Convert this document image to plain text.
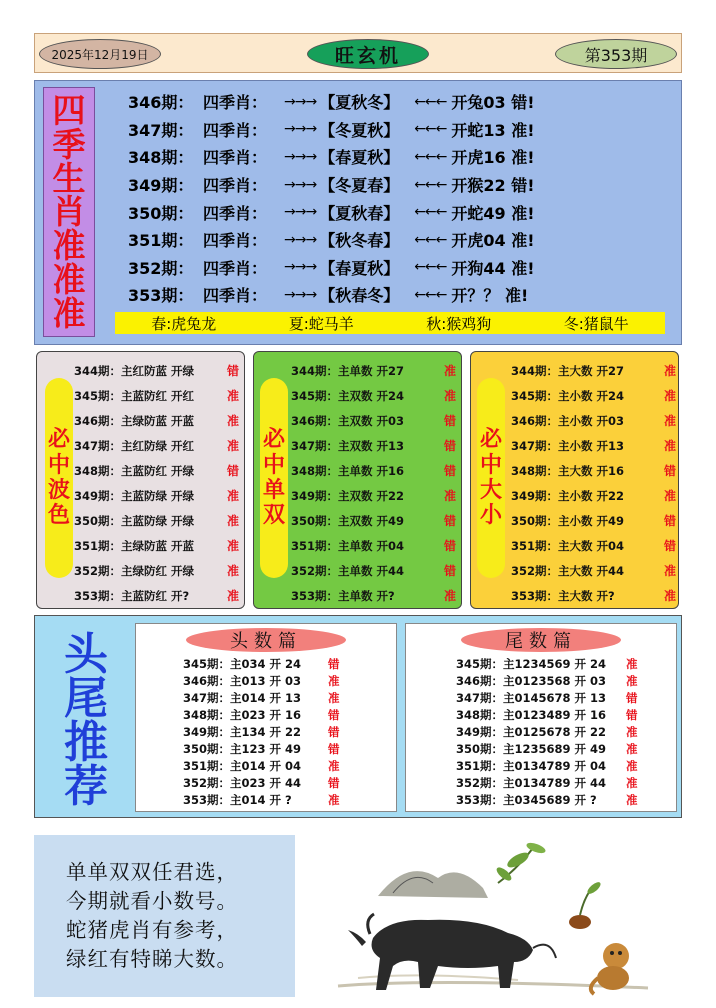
2025年12月19日	旺玄机	第353期
四
季
生
肖
准
准
准
346期： 四季肖：	→→→ 【夏秋冬】	←←← 开兔03 错!
347期： 四季肖：	→→→ 【冬夏秋】	←←← 开蛇13 准!
348期： 四季肖：	→→→ 【春夏秋】	←←← 开虎16 准!
349期： 四季肖：	→→→ 【冬夏春】	←←← 开猴22 错!
350期： 四季肖：	→→→ 【夏秋春】	←←← 开蛇49 准!
351期： 四季肖：	→→→ 【秋冬春】	←←← 开虎04 准!
352期： 四季肖：	→→→ 【春夏秋】	←←← 开狗44 准!
353期： 四季肖：	→→→ 【秋春冬】	←←← 开？？ 准!
春:虎兔龙	夏:蛇马羊	秋:猴鸡狗	冬:猪鼠牛
必
中
波
色
344期：主红防蓝 开绿	错
345期：主蓝防红 开红	准
346期：主绿防蓝 开蓝	准
347期：主红防绿 开红	准
348期：主蓝防红 开绿	错
349期：主蓝防绿 开绿	准
350期：主蓝防绿 开绿	准
351期：主绿防蓝 开蓝	准
352期：主绿防红 开绿	准
353期：主蓝防红 开?	准
必
中
单
双
344期：主单数 开27	准
345期：主双数 开24	准
346期：主双数 开03	错
347期：主双数 开13	错
348期：主单数 开16	错
349期：主双数 开22	准
350期：主双数 开49	错
351期：主单数 开04	错
352期：主单数 开44	错
353期：主单数 开?	准
必
中
大
小
344期：主大数 开27	准
345期：主小数 开24	准
346期：主小数 开03	准
347期：主小数 开13	准
348期：主大数 开16	错
349期：主小数 开22	准
350期：主小数 开49	错
351期：主大数 开04	错
352期：主大数 开44	准
353期：主大数 开?	准
头
尾
推
荐
头数篇
345期：主034 开 24 错
346期：主013 开 03 准
347期：主014 开 13 准
348期：主023 开 16 错
349期：主134 开 22 错
350期：主123 开 49 错
351期：主014 开 04 准
352期：主023 开 44 错
353期：主014 开 ?	准
尾数篇
345期：主1234569 开 24 准
346期：主0123568 开 03 准
347期：主0145678 开 13 错
348期：主0123489 开 16 错
349期：主0125678 开 22 准
350期：主1235689 开 49 准
351期：主0134789 开 04 准
352期：主0134789 开 44 准
353期：主0345689 开 ?	准
单单双双任君选，
今期就看小数号。
蛇猪虎肖有参考，
绿红有特睇大数。
